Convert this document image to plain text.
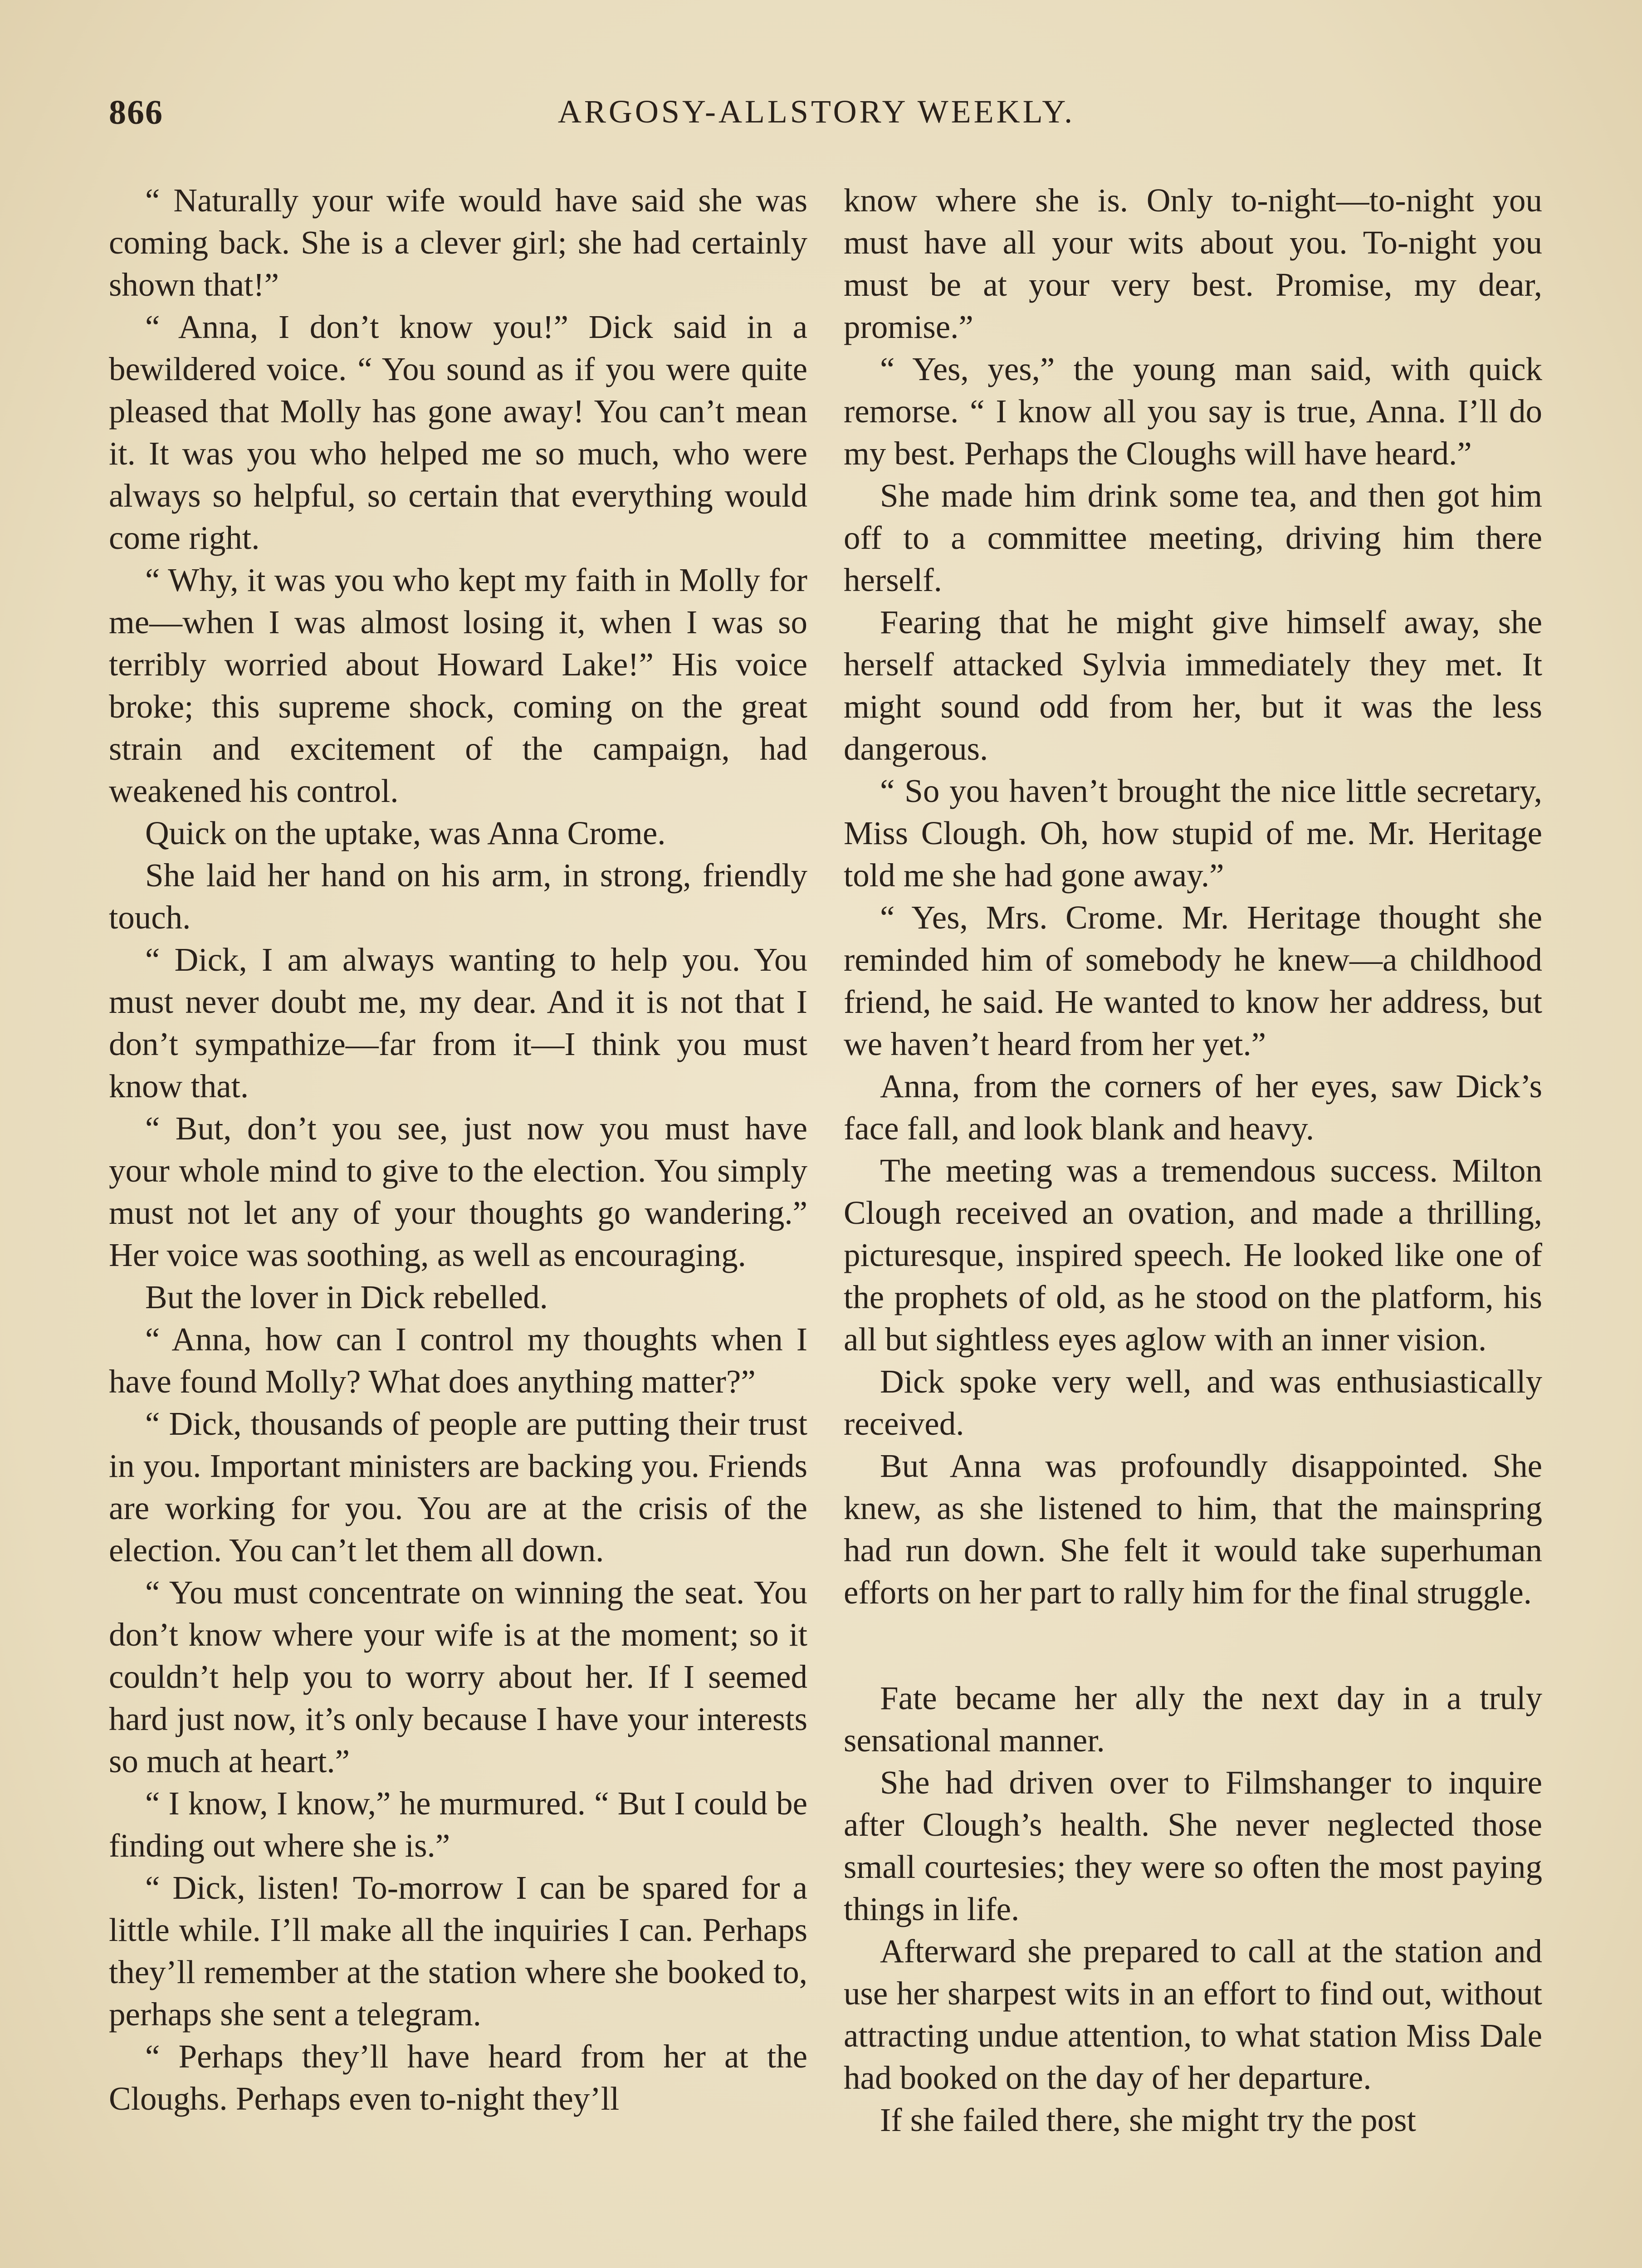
866	ARGOSY-ALLSTORY WEEKLY.

“ Naturally your wife would have said she was coming back. She is a clever girl; she had certainly shown that!”

“ Anna, I don’t know you!” Dick said in a bewildered voice. “ You sound as if you were quite pleased that Molly has gone away! You can’t mean it. It was you who helped me so much, who were always so helpful, so certain that everything would come right.

“ Why, it was you who kept my faith in Molly for me—when I was almost losing it, when I was so terribly worried about Howard Lake!” His voice broke; this supreme shock, coming on the great strain and excitement of the campaign, had weakened his control.

Quick on the uptake, was Anna Crome.

She laid her hand on his arm, in strong, friendly touch.

“ Dick, I am always wanting to help you. You must never doubt me, my dear. And it is not that I don’t sympathize—far from it—I think you must know that.

“ But, don’t you see, just now you must have your whole mind to give to the election. You simply must not let any of your thoughts go wandering.” Her voice was soothing, as well as encouraging.

But the lover in Dick rebelled.

“ Anna, how can I control my thoughts when I have found Molly? What does anything matter?”

“ Dick, thousands of people are putting their trust in you. Important ministers are backing you. Friends are working for you. You are at the crisis of the election. You can’t let them all down.

“ You must concentrate on winning the seat. You don’t know where your wife is at the moment; so it couldn’t help you to worry about her. If I seemed hard just now, it’s only because I have your interests so much at heart.”

“ I know, I know,” he murmured. “ But I could be finding out where she is.”

“ Dick, listen! To-morrow I can be spared for a little while. I’ll make all the inquiries I can. Perhaps they’ll remember at the station where she booked to, perhaps she sent a telegram.

“ Perhaps they’ll have heard from her at the Cloughs. Perhaps even to-night they’ll

know where she is. Only to-night—to-night you must have all your wits about you. To-night you must be at your very best. Promise, my dear, promise.”

“ Yes, yes,” the young man said, with quick remorse. “ I know all you say is true, Anna. I’ll do my best. Perhaps the Cloughs will have heard.”

She made him drink some tea, and then got him off to a committee meeting, driving him there herself.

Fearing that he might give himself away, she herself attacked Sylvia immediately they met. It might sound odd from her, but it was the less dangerous.

“ So you haven’t brought the nice little secretary, Miss Clough. Oh, how stupid of me. Mr. Heritage told me she had gone away.”

“ Yes, Mrs. Crome. Mr. Heritage thought she reminded him of somebody he knew—a childhood friend, he said. He wanted to know her address, but we haven’t heard from her yet.”

Anna, from the corners of her eyes, saw Dick’s face fall, and look blank and heavy.

The meeting was a tremendous success. Milton Clough received an ovation, and made a thrilling, picturesque, inspired speech. He looked like one of the prophets of old, as he stood on the platform, his all but sightless eyes aglow with an inner vision.

Dick spoke very well, and was enthusiastically received.

But Anna was profoundly disappointed. She knew, as she listened to him, that the mainspring had run down. She felt it would take superhuman efforts on her part to rally him for the final struggle.

Fate became her ally the next day in a truly sensational manner.

She had driven over to Filmshanger to inquire after Clough’s health. She never neglected those small courtesies; they were so often the most paying things in life.

Afterward she prepared to call at the station and use her sharpest wits in an effort to find out, without attracting undue attention, to what station Miss Dale had booked on the day of her departure.

If she failed there, she might try the post
